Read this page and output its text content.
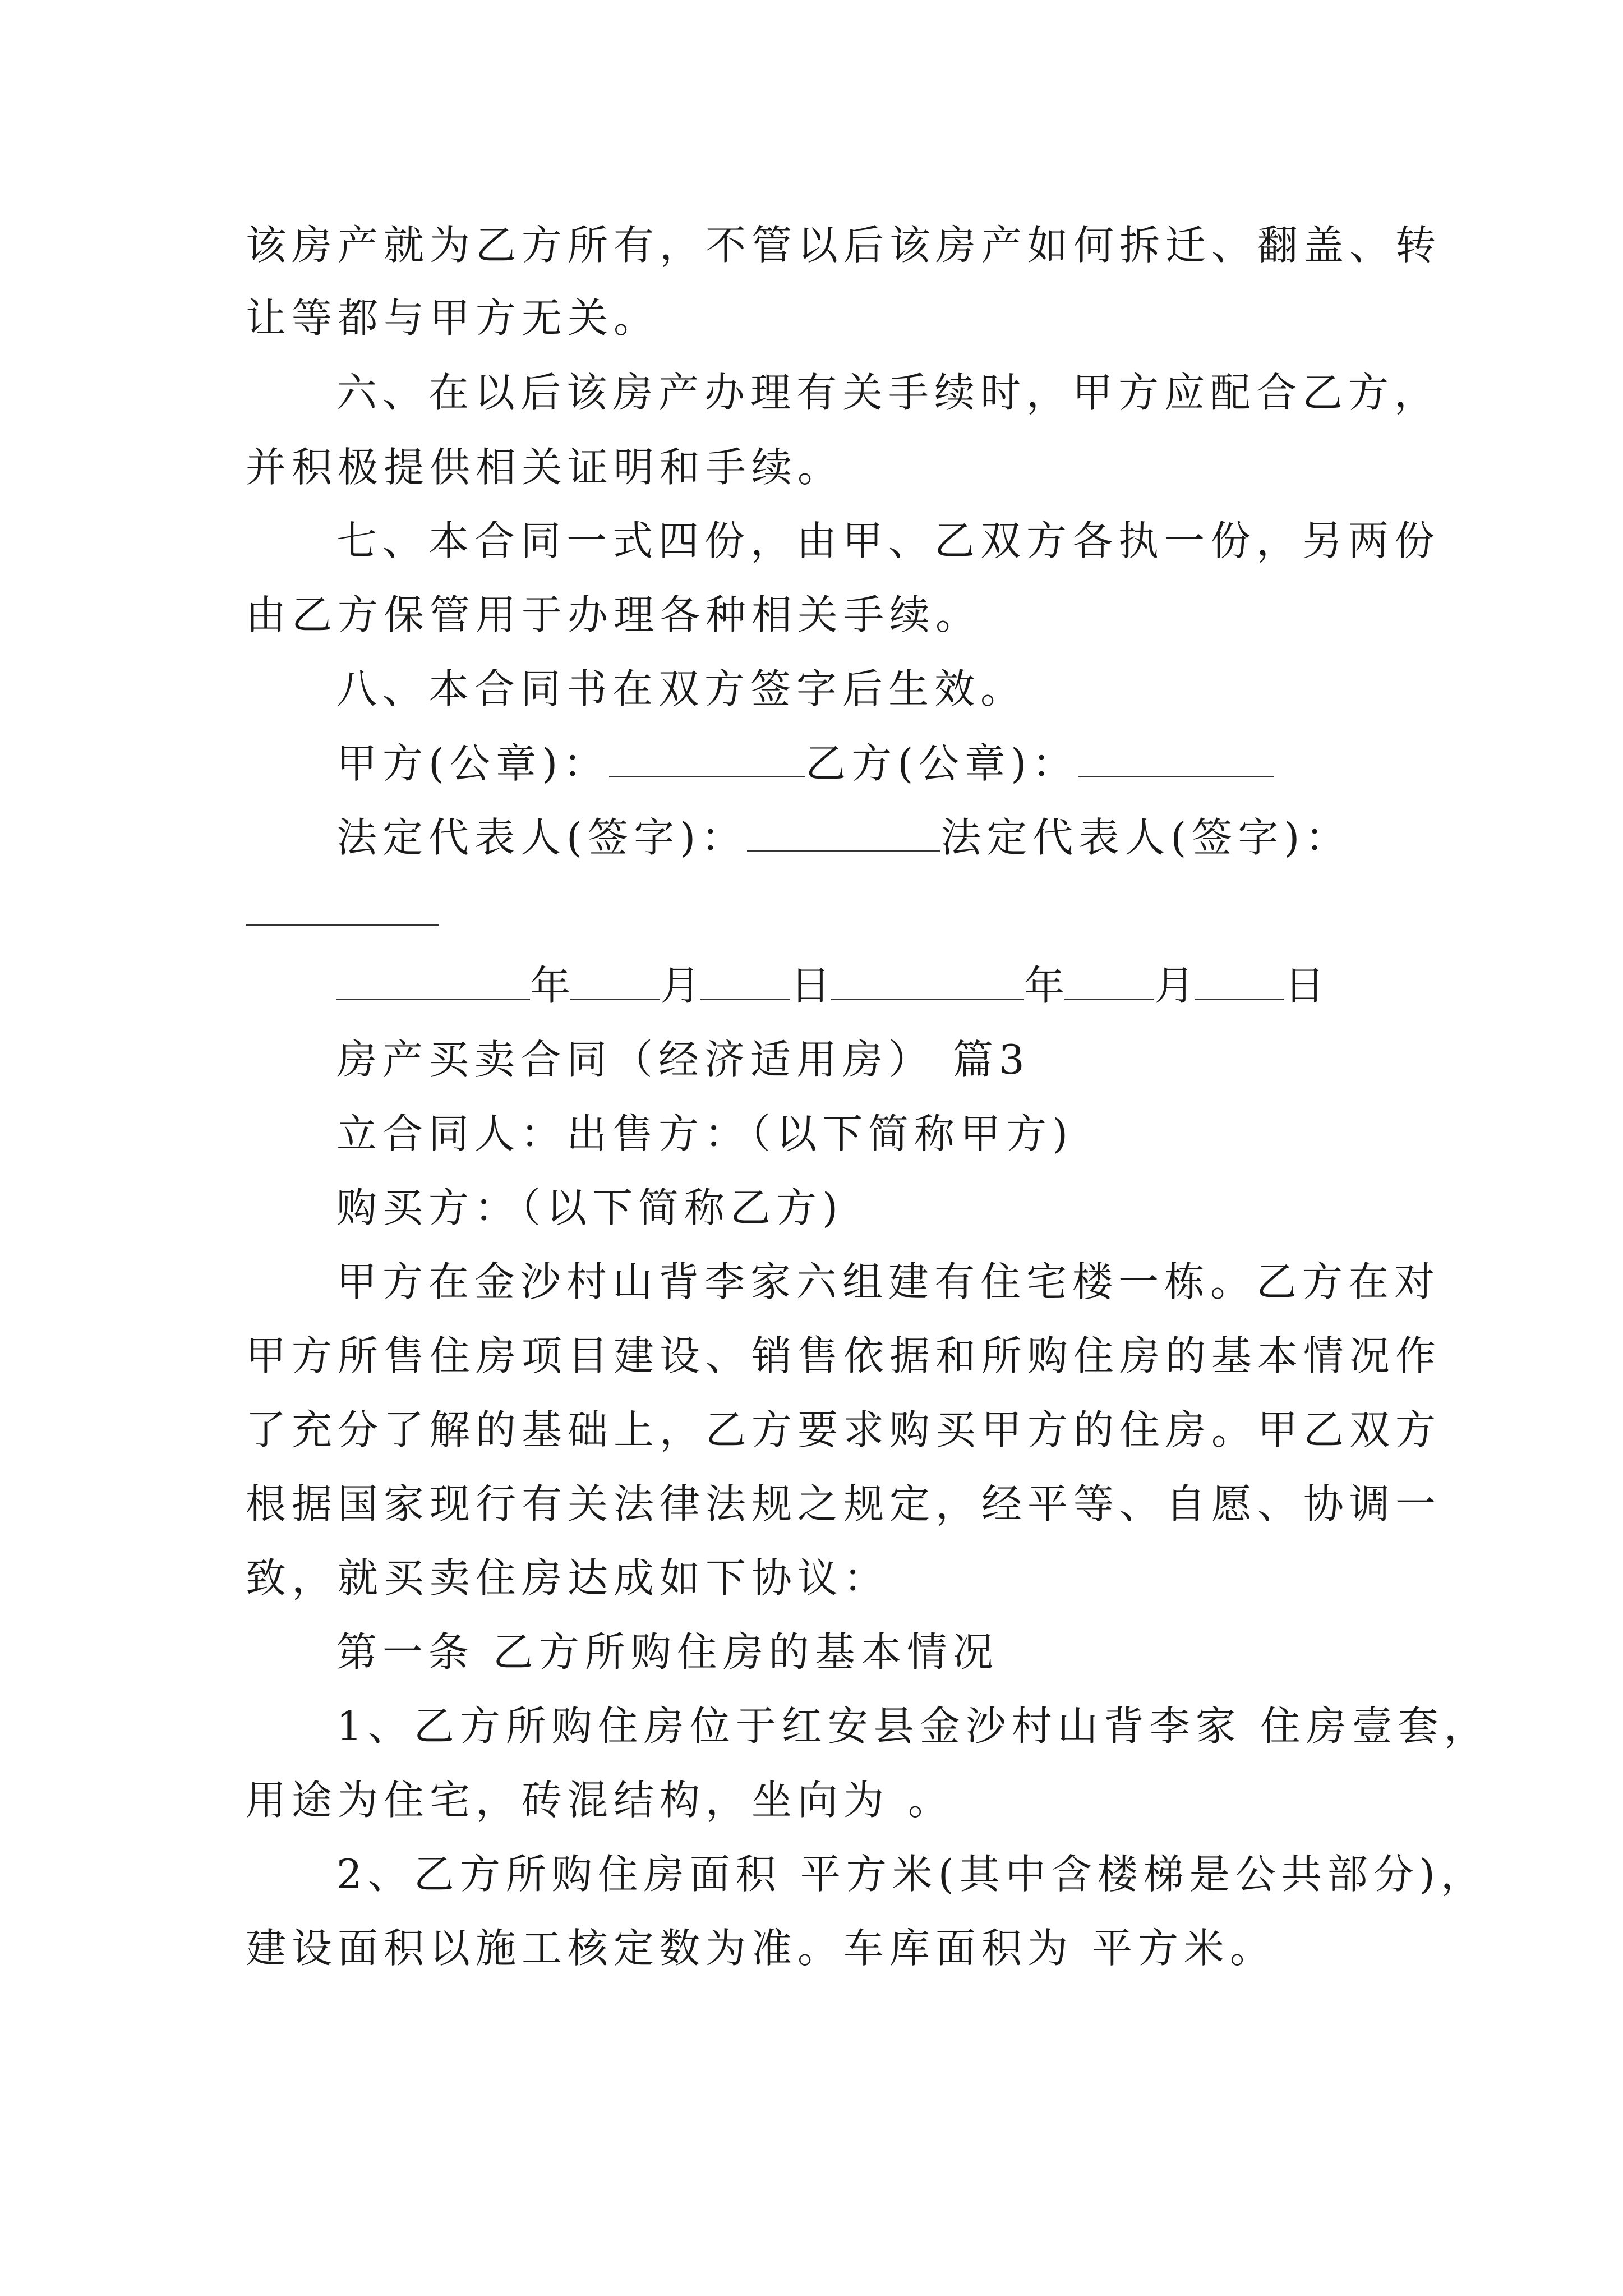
该房产就为乙方所有，不管以后该房产如何拆迁、翻盖、转
让等都与甲方无关。
六、在以后该房产办理有关手续时，甲方应配合乙方，
并积极提供相关证明和手续。
七、本合同一式四份，由甲、乙双方各执一份，另两份
由乙方保管用于办理各种相关手续。
八、本合同书在双方签字后生效。
甲方(公章)：	乙方(公章)：
法定代表人(签字)：	法定代表人(签字)：
年 月 日	年 月 日
房产买卖合同（经济适用房） 篇3
立合同人：出售方：（以下简称甲方)
购买方：（以下简称乙方)
甲方在金沙村山背李家六组建有住宅楼一栋。乙方在对
甲方所售住房项目建设、销售依据和所购住房的基本情况作
了充分了解的基础上，乙方要求购买甲方的住房。甲乙双方
根据国家现行有关法律法规之规定，经平等、自愿、协调一
致，就买卖住房达成如下协议：
第一条 乙方所购住房的基本情况
1、乙方所购住房位于红安县金沙村山背李家 住房壹套，
用途为住宅，砖混结构，坐向为 。
2、乙方所购住房面积 平方米(其中含楼梯是公共部分)，
建设面积以施工核定数为准。车库面积为 平方米。
